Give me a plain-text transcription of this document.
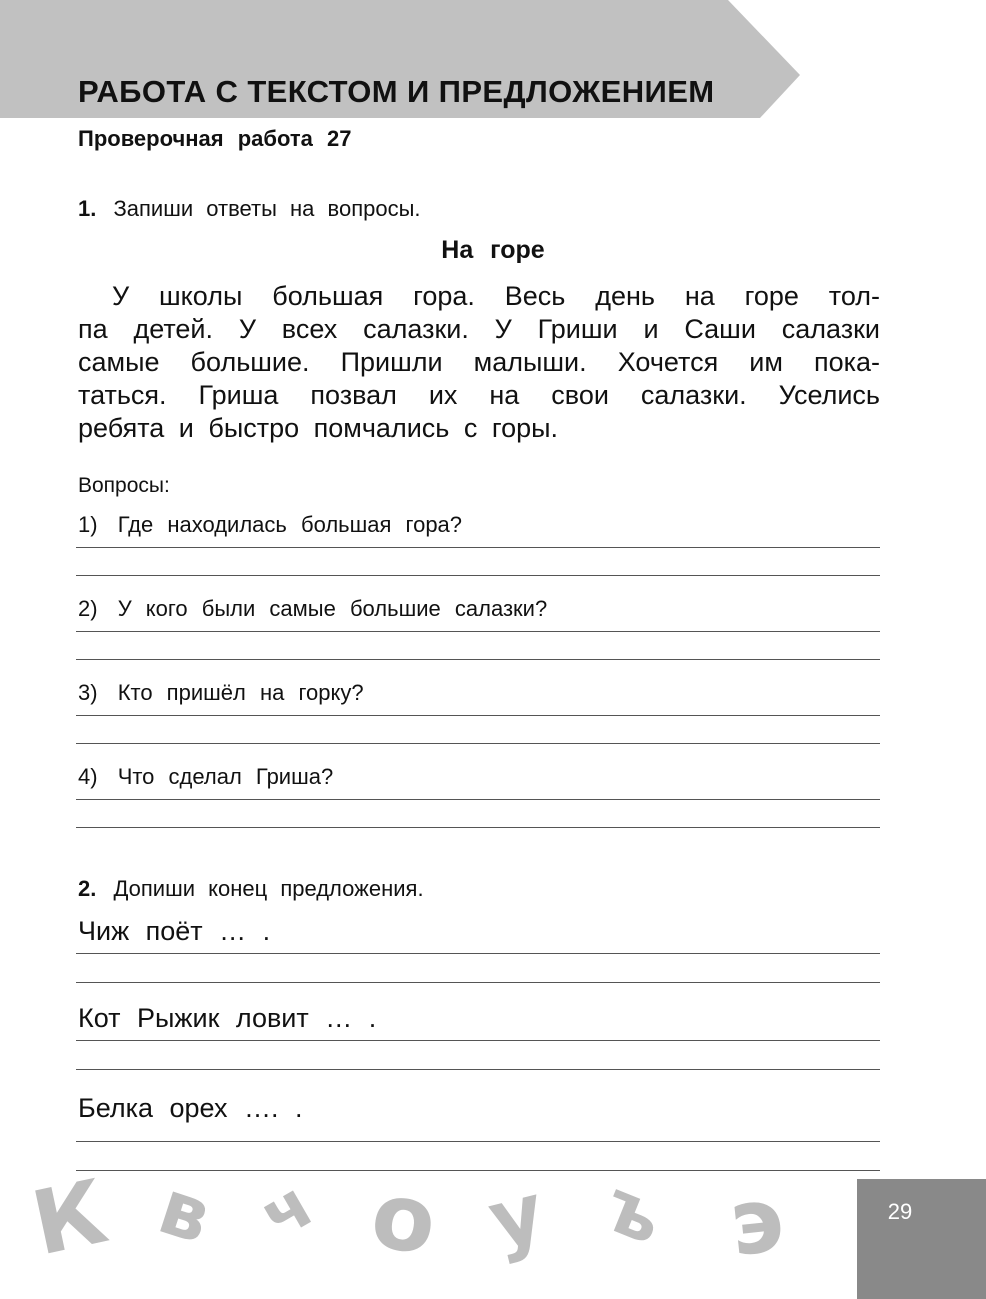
РАБОТА С ТЕКСТОМ И ПРЕДЛОЖЕНИЕМ
Проверочная работа 27

1. Запиши ответы на вопросы.

На горе

У школы большая гора. Весь день на горе тол-
па детей. У всех салазки. У Гриши и Саши салазки
самые большие. Пришли малыши. Хочется им пока-
таться. Гриша позвал их на свои салазки. Уселись
ребята и быстро помчались с горы.

Вопросы:

1) Где находилась большая гора?

2) У кого были самые большие салазки?

3) Кто пришёл на горку?

4) Что сделал Гриша?

2. Допиши конец предложения.

Чиж поёт … .

Кот Рыжик ловит … .

Белка орех …. .

К в ч о у ъ э	29
